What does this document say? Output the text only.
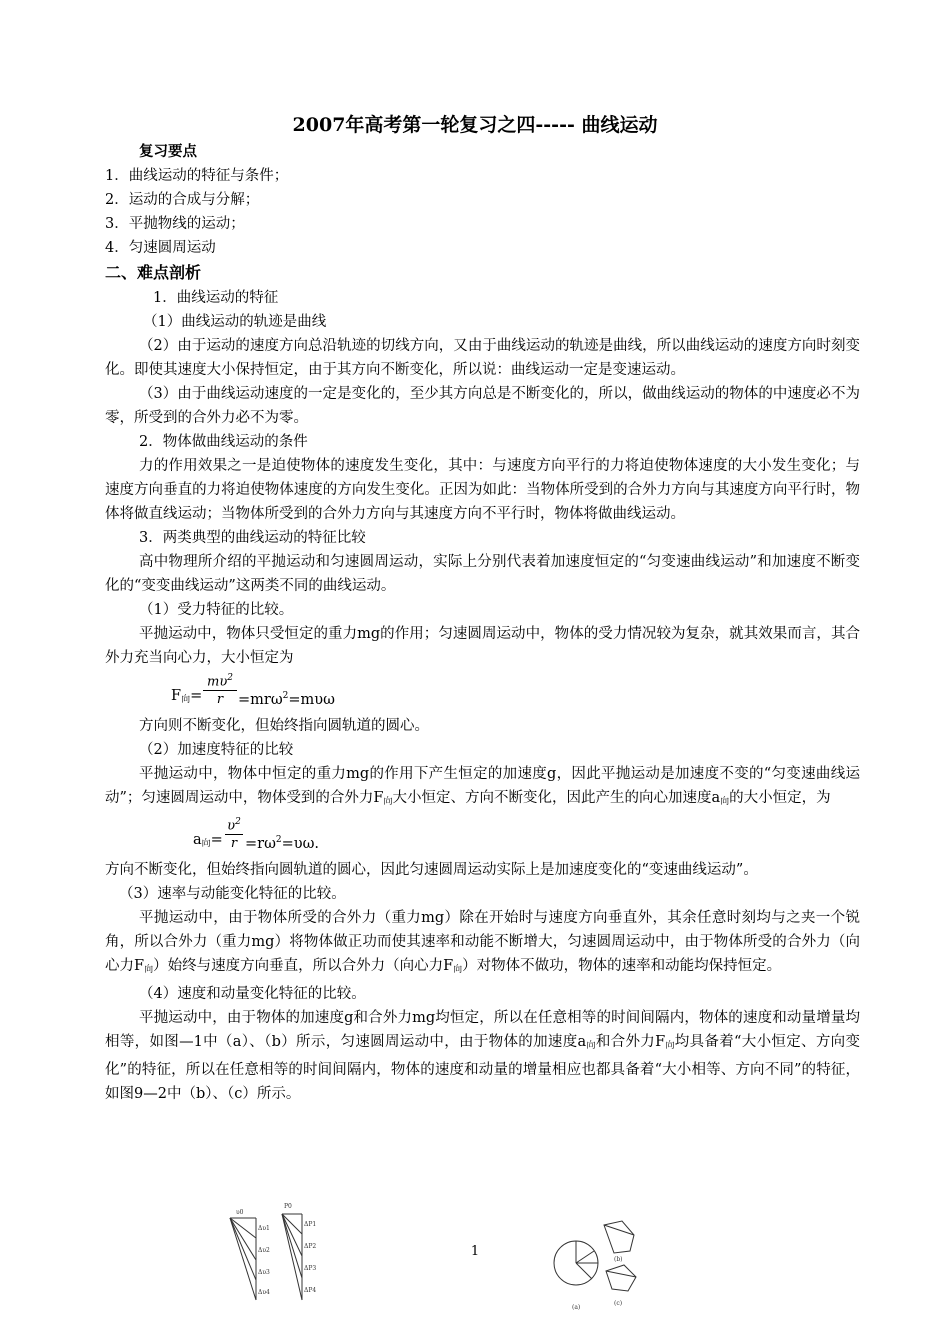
2007年高考第一轮复习之四----- 曲线运动

复习要点

1．曲线运动的特征与条件；

2．运动的合成与分解；

3．平抛物线的运动；

4．匀速圆周运动

二、难点剖析

1．曲线运动的特征

（1）曲线运动的轨迹是曲线

（2）由于运动的速度方向总沿轨迹的切线方向，又由于曲线运动的轨迹是曲线，所以曲线运动的速度方向时刻变化。即使其速度大小保持恒定，由于其方向不断变化，所以说：曲线运动一定是变速运动。

（3）由于曲线运动速度的一定是变化的，至少其方向总是不断变化的，所以，做曲线运动的物体的中速度必不为零，所受到的合外力必不为零。

2．物体做曲线运动的条件

力的作用效果之一是迫使物体的速度发生变化，其中：与速度方向平行的力将迫使物体速度的大小发生变化；与速度方向垂直的力将迫使物体速度的方向发生变化。正因为如此：当物体所受到的合外力方向与其速度方向平行时，物体将做直线运动；当物体所受到的合外力方向与其速度方向不平行时，物体将做曲线运动。

3．两类典型的曲线运动的特征比较

高中物理所介绍的平抛运动和匀速圆周运动，实际上分别代表着加速度恒定的“匀变速曲线运动”和加速度不断变化的“变变曲线运动”这两类不同的曲线运动。

（1）受力特征的比较。

平抛运动中，物体只受恒定的重力mg的作用；匀速圆周运动中，物体的受力情况较为复杂，就其效果而言，其合外力充当向心力，大小恒定为

$F_向=$
$m\upsilon^2$
r	=mrω$^2$=mυω

方向则不断变化，但始终指向圆轨道的圆心。

（2）加速度特征的比较

平抛运动中，物体中恒定的重力mg的作用下产生恒定的加速度g，因此平抛运动是加速度不变的“匀变速曲线运动”；匀速圆周运动中，物体受到的合外力$F_向$大小恒定、方向不断变化，因此产生的向心加速度$a_向$的大小恒定，为

$a_向=$
$\upsilon^2$
$r =r\omega^2=\upsilon\omega$.

方向不断变化，但始终指向圆轨道的圆心，因此匀速圆周运动实际上是加速度变化的“变速曲线运动”。

（3）速率与动能变化特征的比较。

平抛运动中，由于物体所受的合外力（重力mg）除在开始时与速度方向垂直外，其余任意时刻均与之夹一个锐角，所以合外力（重力mg）将物体做正功而使其速率和动能不断增大，匀速圆周运动中，由于物体所受的合外力（向心力$F_向$）始终与速度方向垂直，所以合外力（向心力$F_向$）对物体不做功，物体的速率和动能均保持恒定。

（4）速度和动量变化特征的比较。

平抛运动中，由于物体的加速度g和合外力mg均恒定，所以在任意相等的时间间隔内，物体的速度和动量增量均相等，如图—1中（a）、（b）所示，匀速圆周运动中，由于物体的加速度$a_向$和合外力$F_向$均具备着“大小恒定、方向变化”的特征，所以在任意相等的时间间隔内，物体的速度和动量的增量相应也都具备着“大小相等、方向不同”的特征，如图9—2中（b）、（c）所示。

υ0
Δυ1
Δυ2
Δυ3
Δυ4
P0
ΔP1
ΔP2
ΔP3
ΔP4
1
(a)
(b)
(c)
